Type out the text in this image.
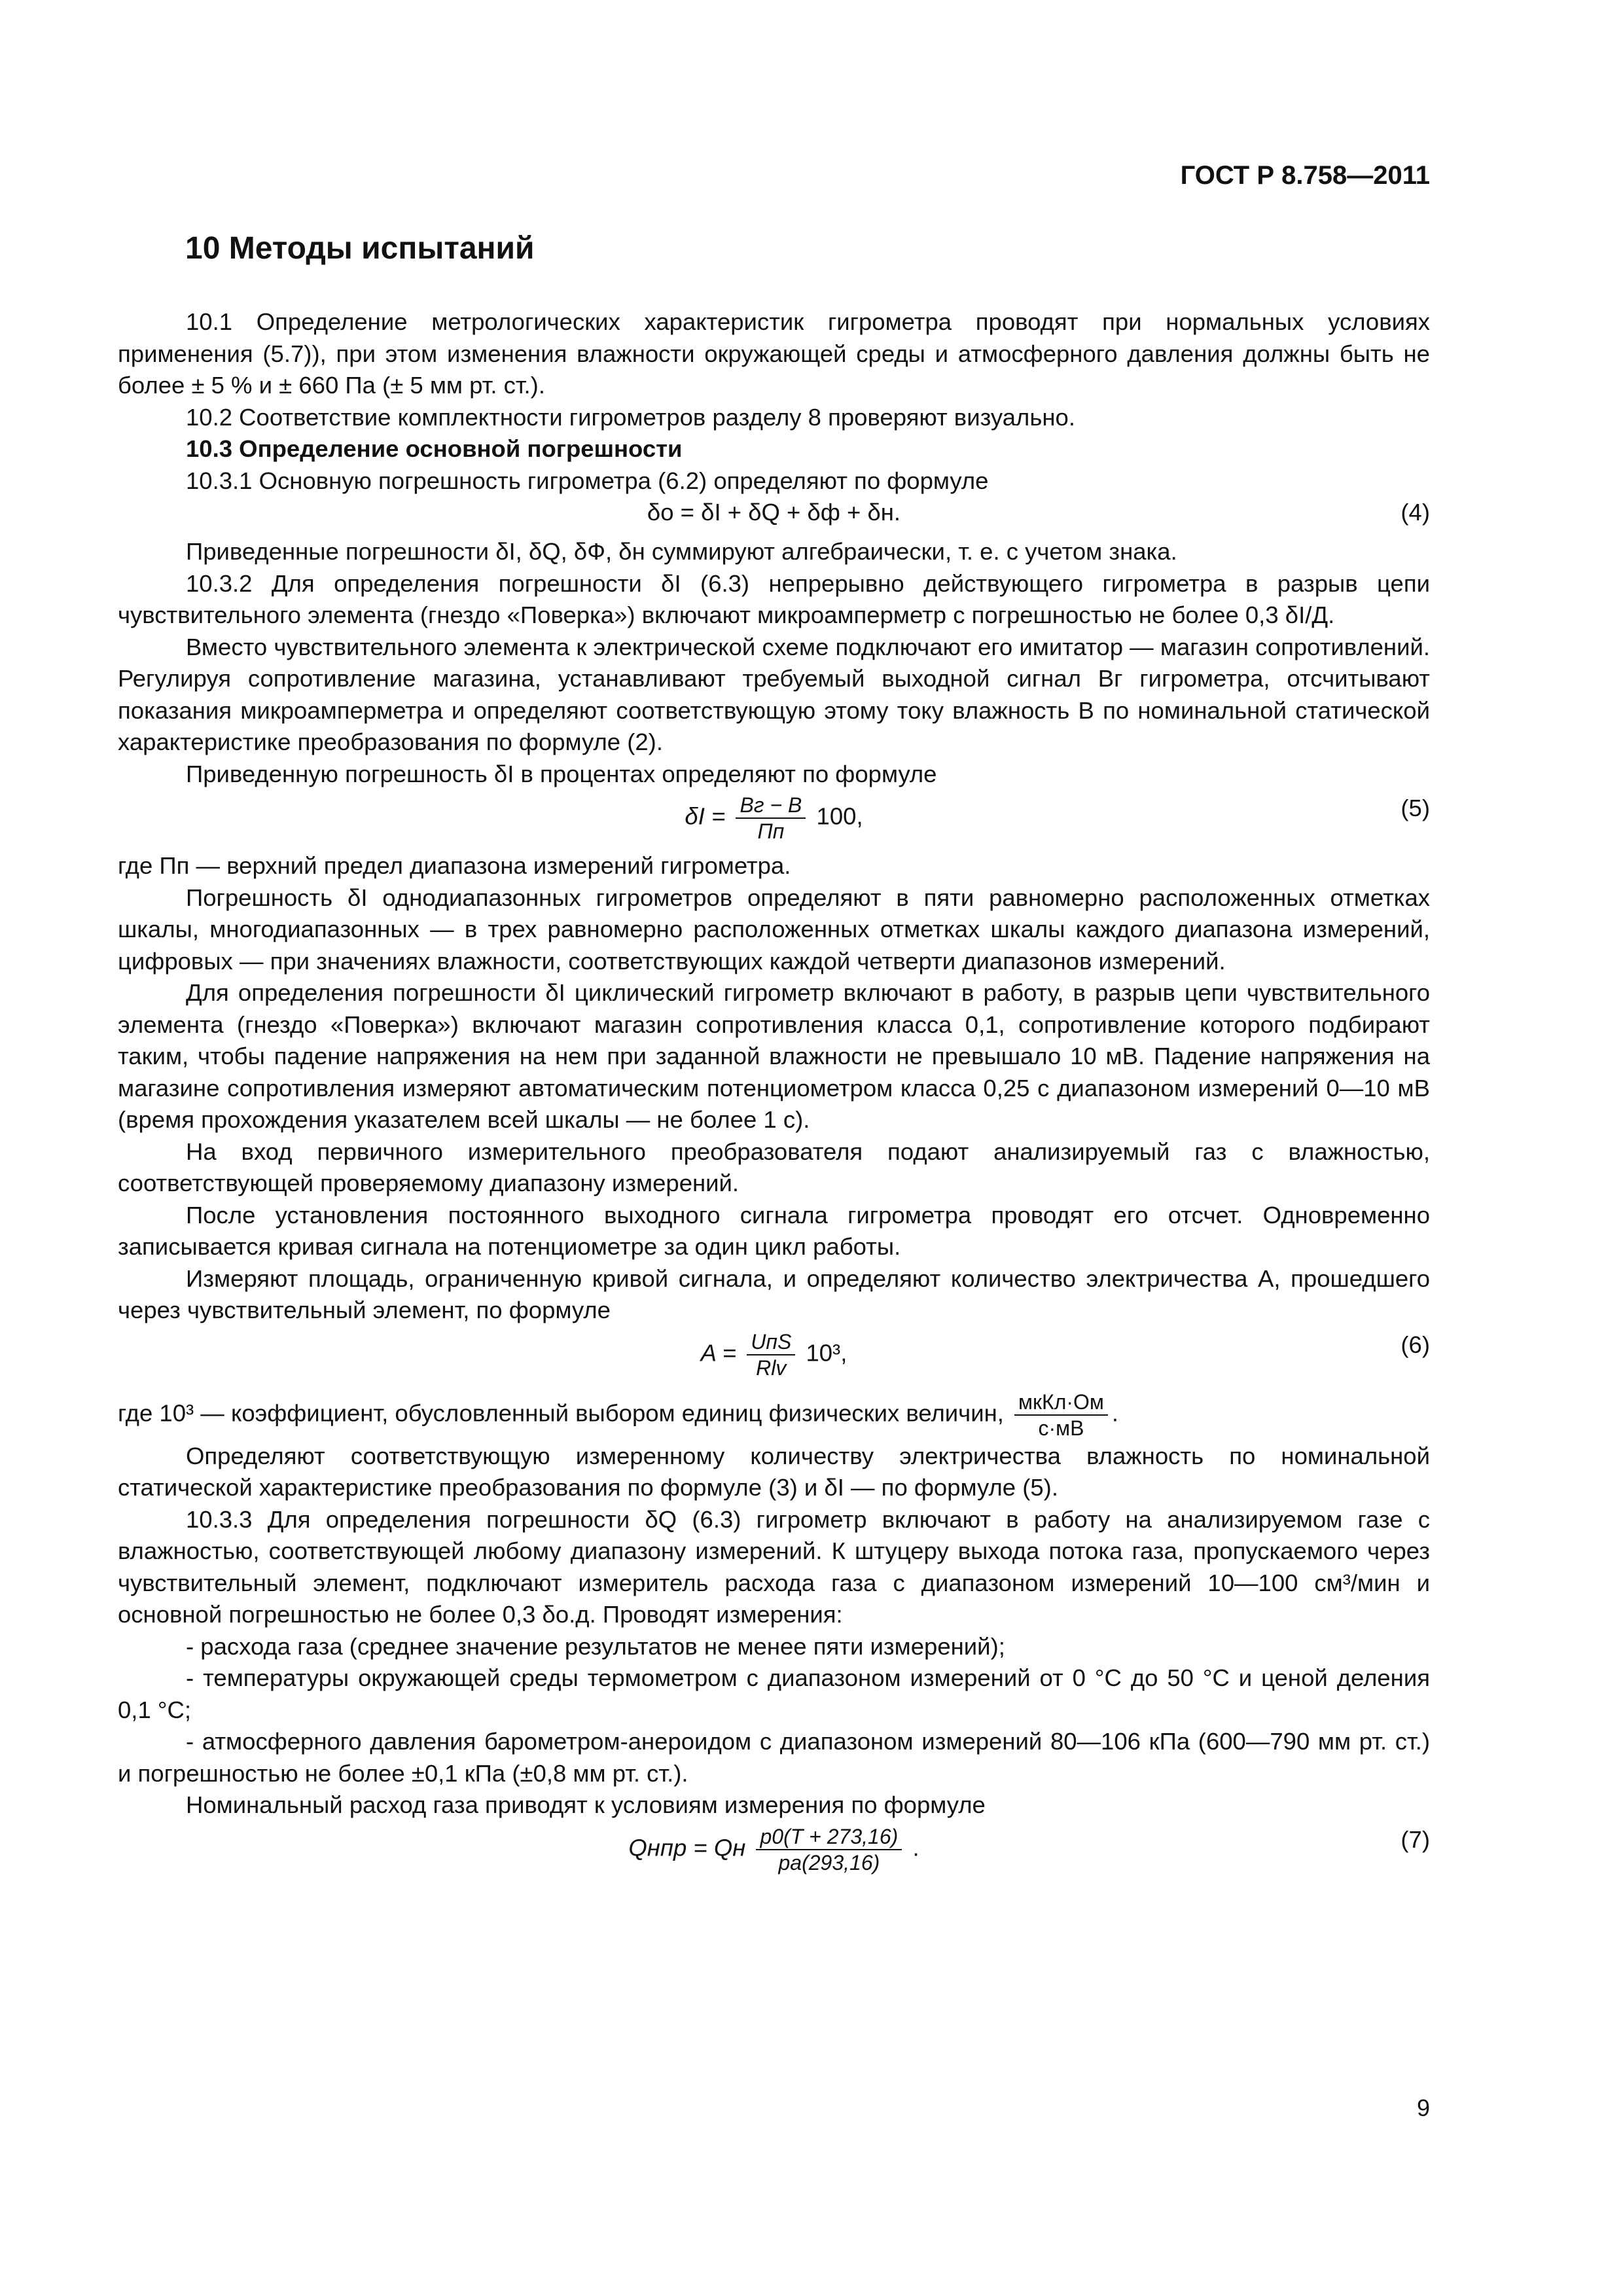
ГОСТ Р 8.758—2011
10 Методы испытаний

10.1 Определение метрологических характеристик гигрометра проводят при нормальных условиях применения (5.7)), при этом изменения влажности окружающей среды и атмосферного давления должны быть не более ± 5 % и ± 660 Па (± 5 мм рт. ст.).

10.2 Соответствие комплектности гигрометров разделу 8 проверяют визуально.

10.3 Определение основной погрешности

10.3.1 Основную погрешность гигрометра (6.2) определяют по формуле

δо = δI + δQ + δф + δн.	(4)

Приведенные погрешности δI, δQ, δФ, δн суммируют алгебраически, т. е. с учетом знака.

10.3.2 Для определения погрешности δI (6.3) непрерывно действующего гигрометра в разрыв цепи чувствительного элемента (гнездо «Поверка») включают микроамперметр с погрешностью не более 0,3 δI/Д.

Вместо чувствительного элемента к электрической схеме подключают его имитатор — магазин сопротивлений. Регулируя сопротивление магазина, устанавливают требуемый выходной сигнал Bг гигрометра, отсчитывают показания микроамперметра и определяют соответствующую этому току влажность B по номинальной статической характеристике преобразования по формуле (2).

Приведенную погрешность δI в процентах определяют по формуле

$\delta I = \frac{Bг - B}{Пп} 100$,	(5)

где Пп — верхний предел диапазона измерений гигрометра.

Погрешность δI однодиапазонных гигрометров определяют в пяти равномерно расположенных отметках шкалы, многодиапазонных — в трех равномерно расположенных отметках шкалы каждого диапазона измерений, цифровых — при значениях влажности, соответствующих каждой четверти диапазонов измерений.

Для определения погрешности δI циклический гигрометр включают в работу, в разрыв цепи чувствительного элемента (гнездо «Поверка») включают магазин сопротивления класса 0,1, сопротивление которого подбирают таким, чтобы падение напряжения на нем при заданной влажности не превышало 10 мВ. Падение напряжения на магазине сопротивления измеряют автоматическим потенциометром класса 0,25 с диапазоном измерений 0—10 мВ (время прохождения указателем всей шкалы — не более 1 с).

На вход первичного измерительного преобразователя подают анализируемый газ с влажностью, соответствующей проверяемому диапазону измерений.

После установления постоянного выходного сигнала гигрометра проводят его отсчет. Одновременно записывается кривая сигнала на потенциометре за один цикл работы.

Измеряют площадь, ограниченную кривой сигнала, и определяют количество электричества A, прошедшего через чувствительный элемент, по формуле

$A = \frac{\text{UпS}}{\text{Rlv}} 10^3$,	(6)

где 10³ — коэффициент, обусловленный выбором единиц физических величин, $\frac{\text{мкКл·Ом}}{с\cdot мВ}$ .

Определяют соответствующую измеренному количеству электричества влажность по номинальной статической характеристике преобразования по формуле (3) и δI — по формуле (5).

10.3.3 Для определения погрешности δQ (6.3) гигрометр включают в работу на анализируемом газе с влажностью, соответствующей любому диапазону измерений. К штуцеру выхода потока газа, пропускаемого через чувствительный элемент, подключают измеритель расхода газа с диапазоном измерений 10—100 см³/мин и основной погрешностью не более 0,3 δо.д. Проводят измерения:

- расхода газа (среднее значение результатов не менее пяти измерений);

- температуры окружающей среды термометром с диапазоном измерений от 0 °С до 50 °С и ценой деления 0,1 °С;

- атмосферного давления барометром-анероидом с диапазоном измерений 80—106 кПа (600—790 мм рт. ст.) и погрешностью не более ±0,1 кПа (±0,8 мм рт. ст.).

Номинальный расход газа приводят к условиям измерения по формуле

Qнпр = Qн $\frac{p0(T + 273,16)}{pа(293,16)}$ .	(7)
9
